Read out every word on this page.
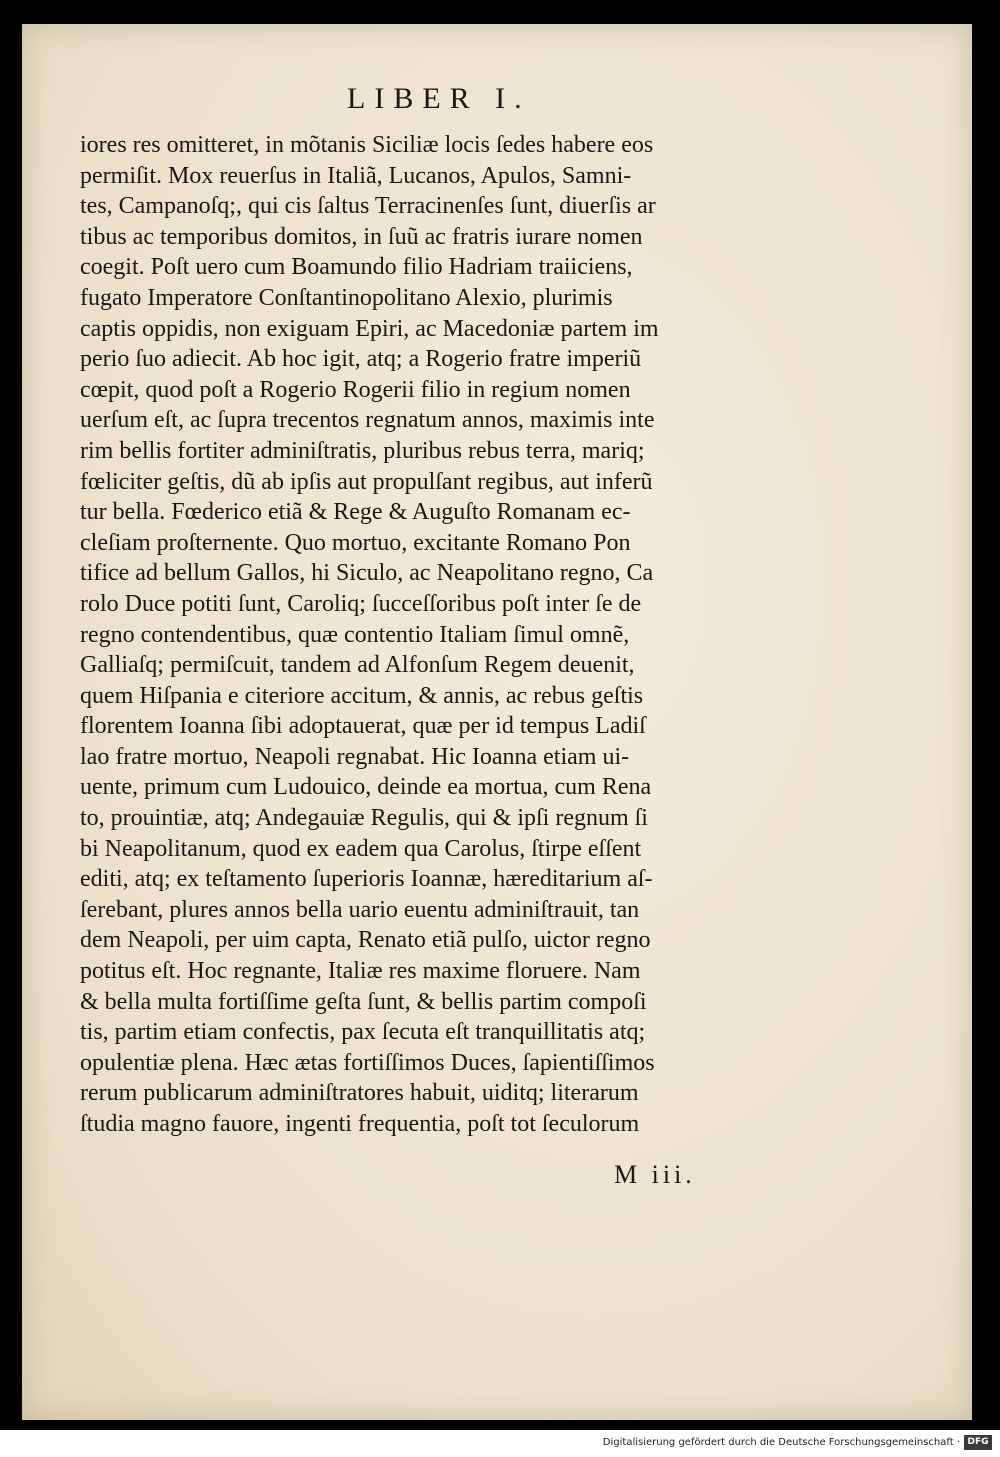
LIBER I.
iores res omitteret, in mõtanis Siciliæ locis ſedes habere eos
permiſit. Mox reuerſus in Italiã, Lucanos, Apulos, Samni-
tes, Campanoſq;, qui cis ſaltus Terracinenſes ſunt, diuerſis ar
tibus ac temporibus domitos, in ſuũ ac fratris iurare nomen
coegit. Poſt uero cum Boamundo filio Hadriam traiiciens,
fugato Imperatore Conſtantinopolitano Alexio, plurimis
captis oppidis, non exiguam Epiri, ac Macedoniæ partem im
perio ſuo adiecit. Ab hoc igit, atq; a Rogerio fratre imperiũ
cœpit, quod poſt a Rogerio Rogerii filio in regium nomen
uerſum eſt, ac ſupra trecentos regnatum annos, maximis inte
rim bellis fortiter adminiſtratis, pluribus rebus terra, mariq;
fœliciter geſtis, dũ ab ipſis aut propulſant regibus, aut inferũ
tur bella. Fœderico etiã & Rege & Auguſto Romanam ec-
cleſiam proſternente. Quo mortuo, excitante Romano Pon
tifice ad bellum Gallos, hi Siculo, ac Neapolitano regno, Ca
rolo Duce potiti ſunt, Caroliq; ſucceſſoribus poſt inter ſe de
regno contendentibus, quæ contentio Italiam ſimul omnẽ,
Galliaſq; permiſcuit, tandem ad Alfonſum Regem deuenit,
quem Hiſpania e citeriore accitum, & annis, ac rebus geſtis
florentem Ioanna ſibi adoptauerat, quæ per id tempus Ladiſ
lao fratre mortuo, Neapoli regnabat. Hic Ioanna etiam ui-
uente, primum cum Ludouico, deinde ea mortua, cum Rena
to, prouintiæ, atq; Andegauiæ Regulis, qui & ipſi regnum ſi
bi Neapolitanum, quod ex eadem qua Carolus, ſtirpe eſſent
editi, atq; ex teſtamento ſuperioris Ioannæ, hæreditarium aſ-
ſerebant, plures annos bella uario euentu adminiſtrauit, tan
dem Neapoli, per uim capta, Renato etiã pulſo, uictor regno
potitus eſt. Hoc regnante, Italiæ res maxime floruere. Nam
& bella multa fortiſſime geſta ſunt, & bellis partim compoſi
tis, partim etiam confectis, pax ſecuta eſt tranquillitatis atq;
opulentiæ plena. Hæc ætas fortiſſimos Duces, ſapientiſſimos
rerum publicarum adminiſtratores habuit, uiditq; literarum
ſtudia magno fauore, ingenti frequentia, poſt tot ſeculorum
M iii.
Digitalisierung gefördert durch die Deutsche Forschungsgemeinschaft · DFG
